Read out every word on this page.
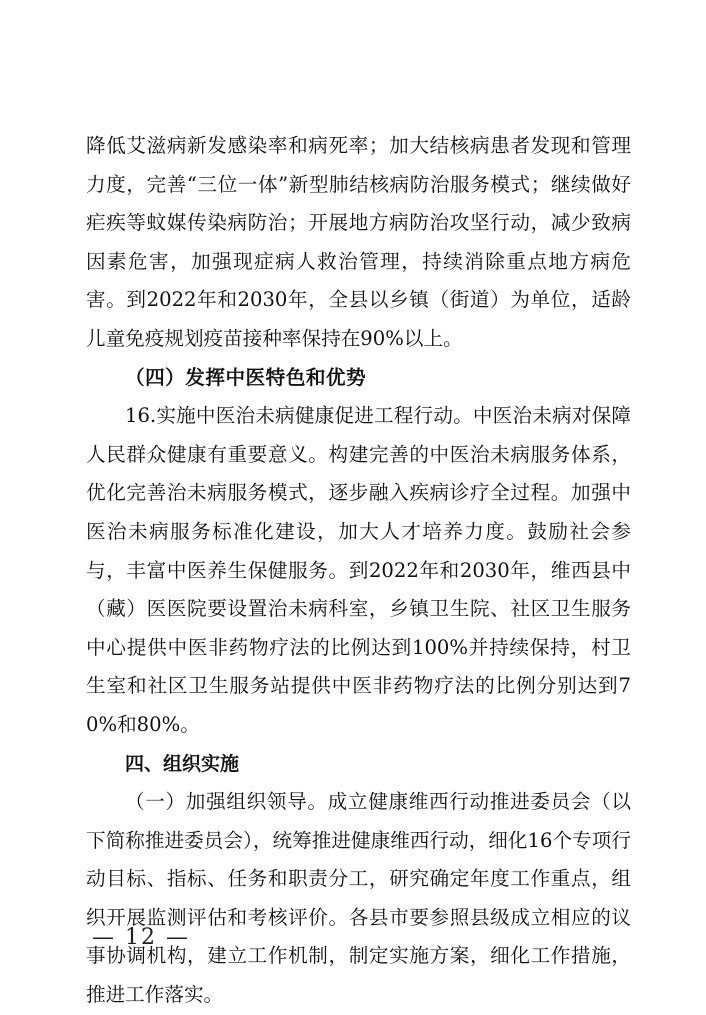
降低艾滋病新发感染率和病死率；加大结核病患者发现和管理力度，完善“三位一体”新型肺结核病防治服务模式；继续做好疟疾等蚊媒传染病防治；开展地方病防治攻坚行动，减少致病因素危害，加强现症病人救治管理，持续消除重点地方病危害。到2022年和2030年，全县以乡镇（街道）为单位，适龄儿童免疫规划疫苗接种率保持在90%以上。

（四）发挥中医特色和优势

16.实施中医治未病健康促进工程行动。中医治未病对保障人民群众健康有重要意义。构建完善的中医治未病服务体系，优化完善治未病服务模式，逐步融入疾病诊疗全过程。加强中医治未病服务标准化建设，加大人才培养力度。鼓励社会参与，丰富中医养生保健服务。到2022年和2030年，维西县中（藏）医医院要设置治未病科室，乡镇卫生院、社区卫生服务中心提供中医非药物疗法的比例达到100%并持续保持，村卫生室和社区卫生服务站提供中医非药物疗法的比例分别达到70%和80%。

四、组织实施

（一）加强组织领导。成立健康维西行动推进委员会（以下简称推进委员会），统筹推进健康维西行动，细化16个专项行动目标、指标、任务和职责分工，研究确定年度工作重点，组织开展监测评估和考核评价。各县市要参照县级成立相应的议事协调机构，建立工作机制，制定实施方案，细化工作措施，推进工作落实。

— 12 —
